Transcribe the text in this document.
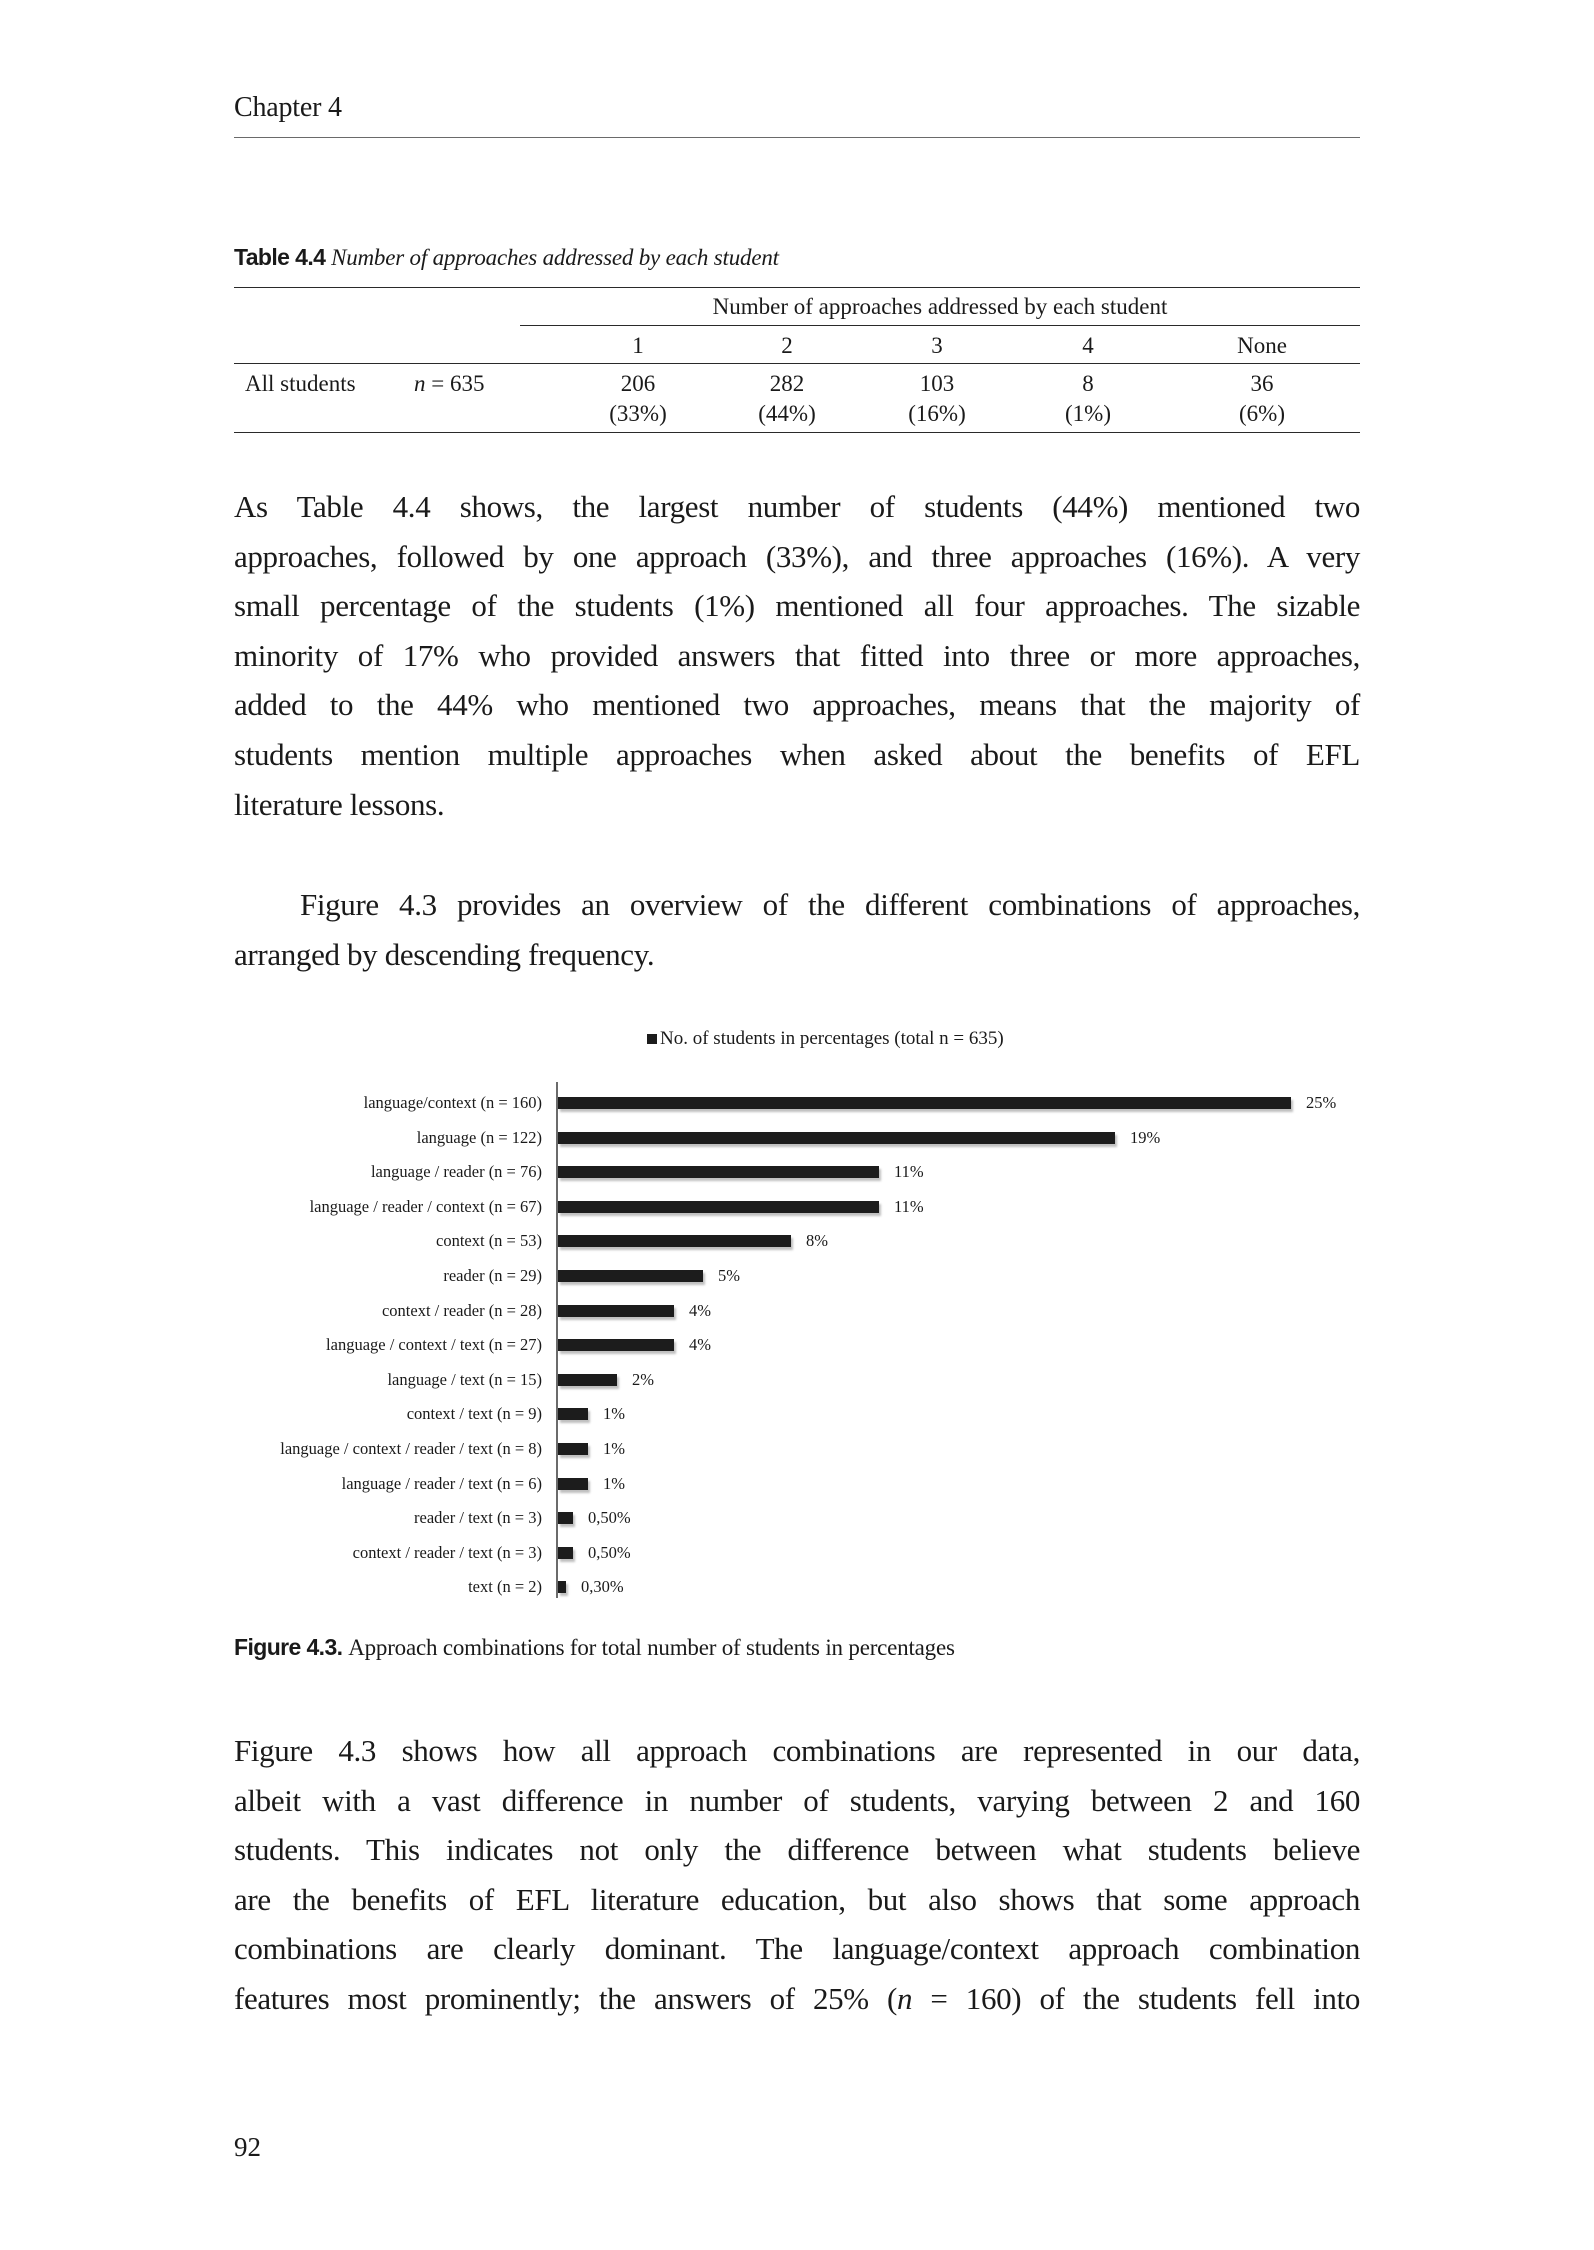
Chapter 4
Table 4.4 Number of approaches addressed by each student
Number of approaches addressed by each student
1	2	3	4	None
All students	n = 635	206	282	103	8	36
(33%)	(44%)	(16%)	(1%)	(6%)
As Table 4.4 shows, the largest number of students (44%) mentioned two
approaches, followed by one approach (33%), and three approaches (16%). A very
small percentage of the students (1%) mentioned all four approaches. The sizable
minority of 17% who provided answers that fitted into three or more approaches,
added to the 44% who mentioned two approaches, means that the majority of
students mention multiple approaches when asked about the benefits of EFL
literature lessons.
Figure 4.3 provides an overview of the different combinations of approaches,
arranged by descending frequency.
No. of students in percentages (total n = 635)
language/context (n = 160)	25%
language (n = 122)	19%
language / reader (n = 76)	11%
language / reader / context (n = 67)	11%
context (n = 53)	8%
reader (n = 29)	5%
context / reader (n = 28)	4%
language / context / text (n = 27)	4%
language / text (n = 15)	2%
context / text (n = 9)	1%
language / context / reader / text (n = 8)	1%
language / reader / text (n = 6)	1%
reader / text (n = 3)	0,50%
context / reader / text (n = 3)	0,50%
text (n = 2) 0,30%
Figure 4.3. Approach combinations for total number of students in percentages
Figure 4.3 shows how all approach combinations are represented in our data,
albeit with a vast difference in number of students, varying between 2 and 160
students. This indicates not only the difference between what students believe
are the benefits of EFL literature education, but also shows that some approach
combinations are clearly dominant. The language/context approach combination
features most prominently; the answers of 25% (n = 160) of the students fell into
92
